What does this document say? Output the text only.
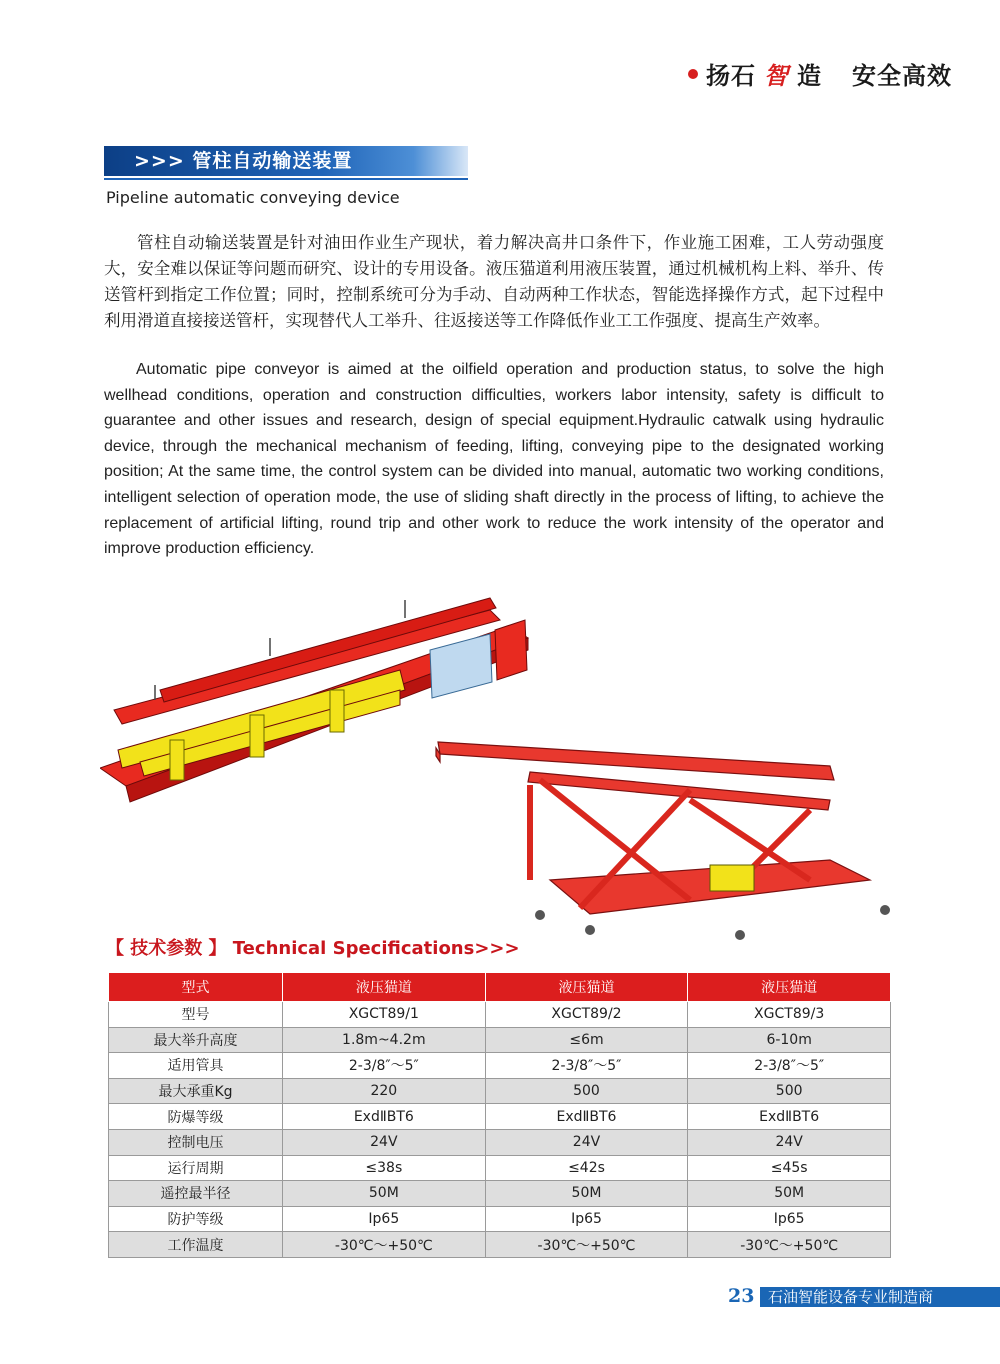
扬石 智 造 安全高效
>>> 管柱自动输送装置
Pipeline automatic conveying device

管柱自动输送装置是针对油田作业生产现状，着力解决高井口条件下，作业施工困难，工人劳动强度大，安全难以保证等问题而研究、设计的专用设备。液压猫道利用液压装置，通过机械机构上料、举升、传送管杆到指定工作位置；同时，控制系统可分为手动、自动两种工作状态，智能选择操作方式，起下过程中利用滑道直接接送管杆，实现替代人工举升、往返接送等工作降低作业工工作强度、提高生产效率。

Automatic pipe conveyor is aimed at the oilfield operation and production status, to solve the high wellhead conditions, operation and construction difficulties, workers labor intensity, safety is difficult to guarantee and other issues and research, design of special equipment.Hydraulic catwalk using hydraulic device, through the mechanical mechanism of feeding, lifting, conveying pipe to the designated working position; At the same time, the control system can be divided into manual, automatic two working conditions, intelligent selection of operation mode, the use of sliding shaft directly in the process of lifting, to achieve the replacement of artificial lifting, round trip and other work to reduce the work intensity of the operator and improve production efficiency.

【 技术参数 】 Technical Specifications>>>
型式	液压猫道	液压猫道	液压猫道
型号	XGCT89/1	XGCT89/2	XGCT89/3
最大举升高度	1.8m~4.2m	≤6m	6-10m
适用管具	2-3/8″～5″	2-3/8″～5″	2-3/8″～5″
最大承重Kg	220	500	500
防爆等级	ExdⅡBT6	ExdⅡBT6	ExdⅡBT6
控制电压	24V	24V	24V
运行周期	≤38s	≤42s	≤45s
遥控最半径	50M	50M	50M
防护等级	Ip65	Ip65	Ip65
工作温度	-30℃～+50℃	-30℃～+50℃	-30℃～+50℃
23 石油智能设备专业制造商
